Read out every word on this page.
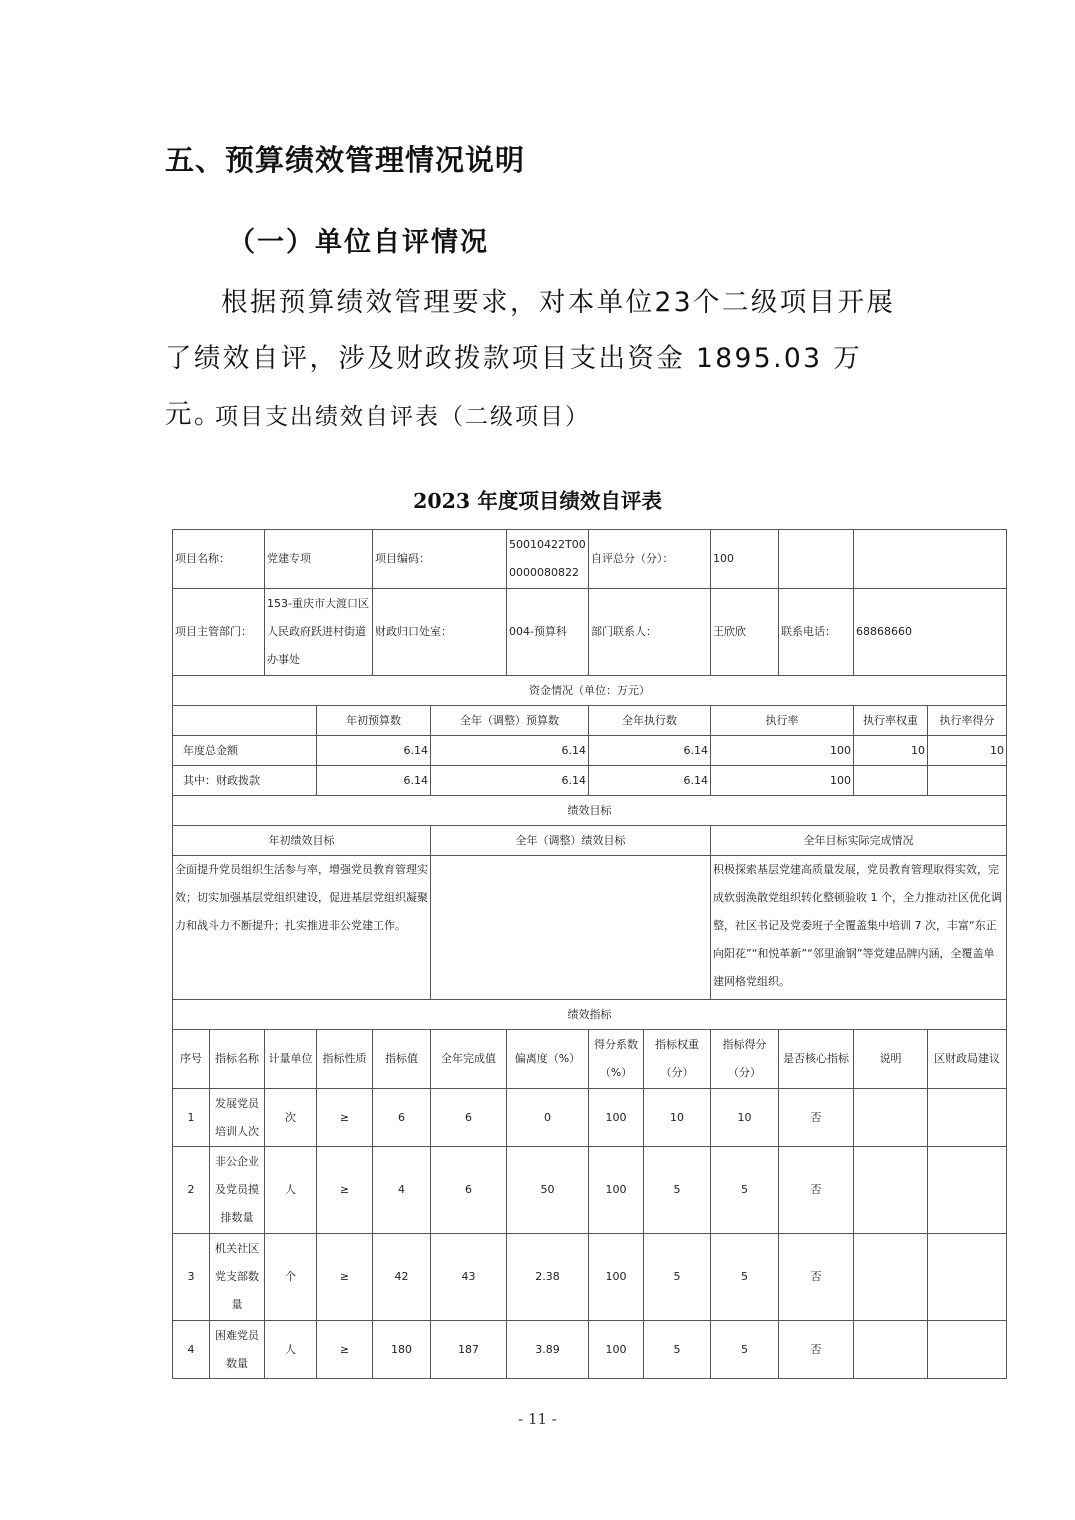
五、预算绩效管理情况说明
（一）单位自评情况

根据预算绩效管理要求，对本单位23个二级项目开展了绩效自评，涉及财政拨款项目支出资金 1895.03 万元。

项目支出绩效自评表（二级项目）
2023 年度项目绩效自评表
项目名称：		党建专项		项目编码：		50010422T000000080822	自评总分（分）：		100			
项目主管部门：		153-重庆市大渡口区人民政府跃进村街道办事处		财政归口处室：		004-预算科	部门联系人：		王欣欣	联系电话：	68868660	
资金情况（单位：万元）												
			年初预算数		全年（调整）预算数		全年执行数		执行率		执行率权重	执行率得分
年度总金额			6.14		6.14		6.14		100		10	10
其中：财政拨款			6.14		6.14		6.14		100			
绩效目标												
年初绩效目标					全年（调整）绩效目标				全年目标实际完成情况			
全面提升党员组织生活参与率，增强党员教育管理实效；切实加强基层党组织建设，促进基层党组织凝聚力和战斗力不断提升；扎实推进非公党建工作。									积极探索基层党建高质量发展，党员教育管理取得实效，完成软弱涣散党组织转化整顿验收 1 个，全力推动社区优化调整，社区书记及党委班子全覆盖集中培训 7 次，丰富“东正向阳花”“和悦革新”“邻里渝钢”等党建品牌内涵，全覆盖单建网格党组织。			
绩效指标												
序号	指标名称	计量单位	指标性质	指标值	全年完成值	偏离度（%）	得分系数（%）	指标权重（分）	指标得分（分）	是否核心指标	说明	区财政局建议
1	发展党员培训人次	次	≥	6	6	0	100	10	10	否		
2	非公企业及党员摸排数量	人	≥	4	6	50	100	5	5	否		
3	机关社区党支部数量	个	≥	42	43	2.38	100	5	5	否		
4	困难党员数量	人	≥	180	187	3.89	100	5	5	否		
- 11 -
